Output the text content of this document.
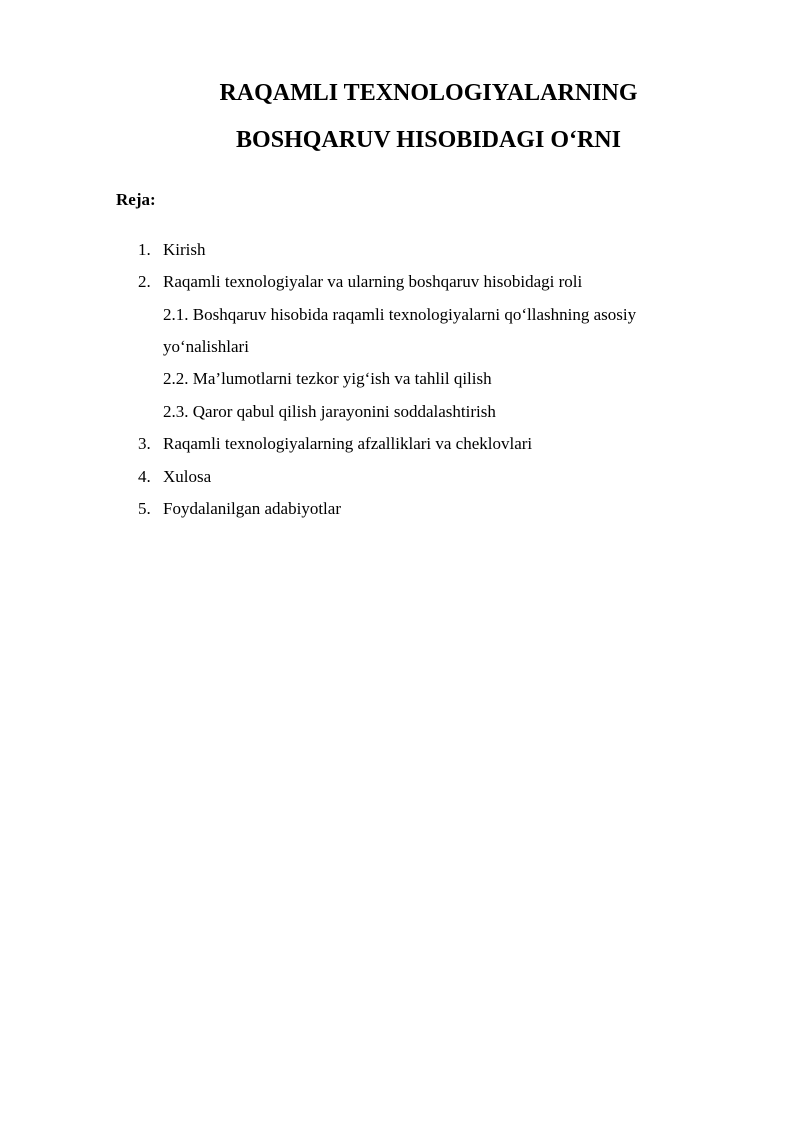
RAQAMLI TEXNOLOGIYALARNING
BOSHQARUV HISOBIDAGI O‘RNI
Reja:
1. Kirish
2. Raqamli texnologiyalar va ularning boshqaruv hisobidagi roli
2.1. Boshqaruv hisobida raqamli texnologiyalarni qo‘llashning asosiy
yo‘nalishlari
2.2. Ma’lumotlarni tezkor yig‘ish va tahlil qilish
2.3. Qaror qabul qilish jarayonini soddalashtirish
3. Raqamli texnologiyalarning afzalliklari va cheklovlari
4. Xulosa
5. Foydalanilgan adabiyotlar
